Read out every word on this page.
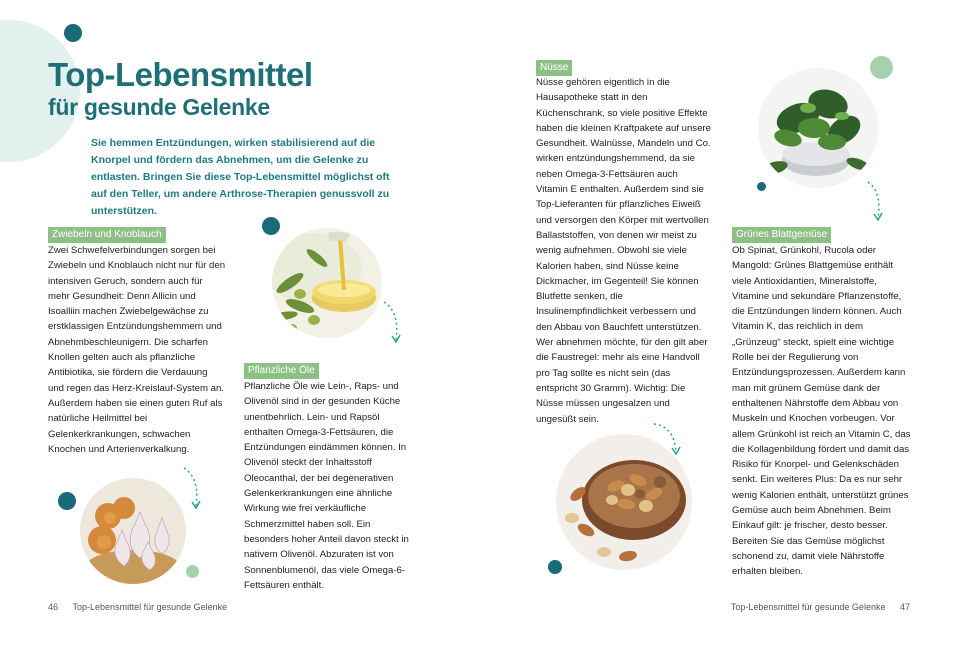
Top-Lebensmittel
für gesunde Gelenke

Sie hemmen Entzündungen, wirken stabilisierend auf die Knorpel und fördern das Abnehmen, um die Gelenke zu entlasten. Bringen Sie diese Top-Lebensmittel möglichst oft auf den Teller, um andere Arthrose-Therapien genussvoll zu unterstützen.

Zwiebeln und Knoblauch

Zwei Schwefelverbindungen sorgen bei Zwiebeln und Knoblauch nicht nur für den intensiven Geruch, sondern auch für mehr Gesundheit: Denn Allicin und Isoalliin machen Zwiebelgewächse zu erstklassigen Entzündungshemmern und Abnehmbeschleunigern. Die scharfen Knollen gelten auch als pflanzliche Antibiotika, sie fördern die Verdauung und regen das Herz-Kreislauf-System an. Außerdem haben sie einen guten Ruf als natürliche Heilmittel bei Gelenkerkrankungen, schwachen Knochen und Arterienverkalkung.

Pflanzliche Öle

Pflanzliche Öle wie Lein-, Raps- und Olivenöl sind in der gesunden Küche unentbehrlich. Lein- und Rapsöl enthalten Omega-3-Fettsäuren, die Entzündungen eindämmen können. In Olivenöl steckt der Inhaltsstoff Oleocanthal, der bei degenerativen Gelenkerkrankungen eine ähnliche Wirkung wie frei verkäufliche Schmerzmittel haben soll. Ein besonders hoher Anteil davon steckt in nativem Olivenöl. Abzuraten ist von Sonnenblumenöl, das viele Omega-6-Fettsäuren enthält.

Nüsse

Nüsse gehören eigentlich in die Hausapotheke statt in den Küchenschrank, so viele positive Effekte haben die kleinen Kraftpakete auf unsere Gesundheit. Walnüsse, Mandeln und Co. wirken entzündungshemmend, da sie neben Omega-3-Fettsäuren auch Vitamin E enthalten. Außerdem sind sie Top-Lieferanten für pflanzliches Eiweiß und versorgen den Körper mit wertvollen Ballaststoffen, von denen wir meist zu wenig aufnehmen. Obwohl sie viele Kalorien haben, sind Nüsse keine Dickmacher, im Gegenteil! Sie können Blutfette senken, die Insulinempfindlichkeit verbessern und den Abbau von Bauchfett unterstützen. Wer abnehmen möchte, für den gilt aber die Faustregel: mehr als eine Handvoll pro Tag sollte es nicht sein (das entspricht 30 Gramm). Wichtig: Die Nüsse müssen ungesalzen und ungesüßt sein.

Grünes Blattgemüse

Ob Spinat, Grünkohl, Rucola oder Mangold: Grünes Blattgemüse enthält viele Antioxidantien, Mineralstoffe, Vitamine und sekundäre Pflanzenstoffe, die Entzündungen lindern können. Auch Vitamin K, das reichlich in dem „Grünzeug“ steckt, spielt eine wichtige Rolle bei der Regulierung von Entzündungsprozessen. Außerdem kann man mit grünem Gemüse dank der enthaltenen Nährstoffe dem Abbau von Muskeln und Knochen vorbeugen. Vor allem Grünkohl ist reich an Vitamin C, das die Kollagenbildung fördert und damit das Risiko für Knorpel- und Gelenkschäden senkt. Ein weiteres Plus: Da es nur sehr wenig Kalorien enthält, unterstützt grünes Gemüse auch beim Abnehmen. Beim Einkauf gilt: je frischer, desto besser. Bereiten Sie das Gemüse möglichst schonend zu, damit viele Nährstoffe erhalten bleiben.

46 Top-Lebensmittel für gesunde Gelenke	Top-Lebensmittel für gesunde Gelenke 47
